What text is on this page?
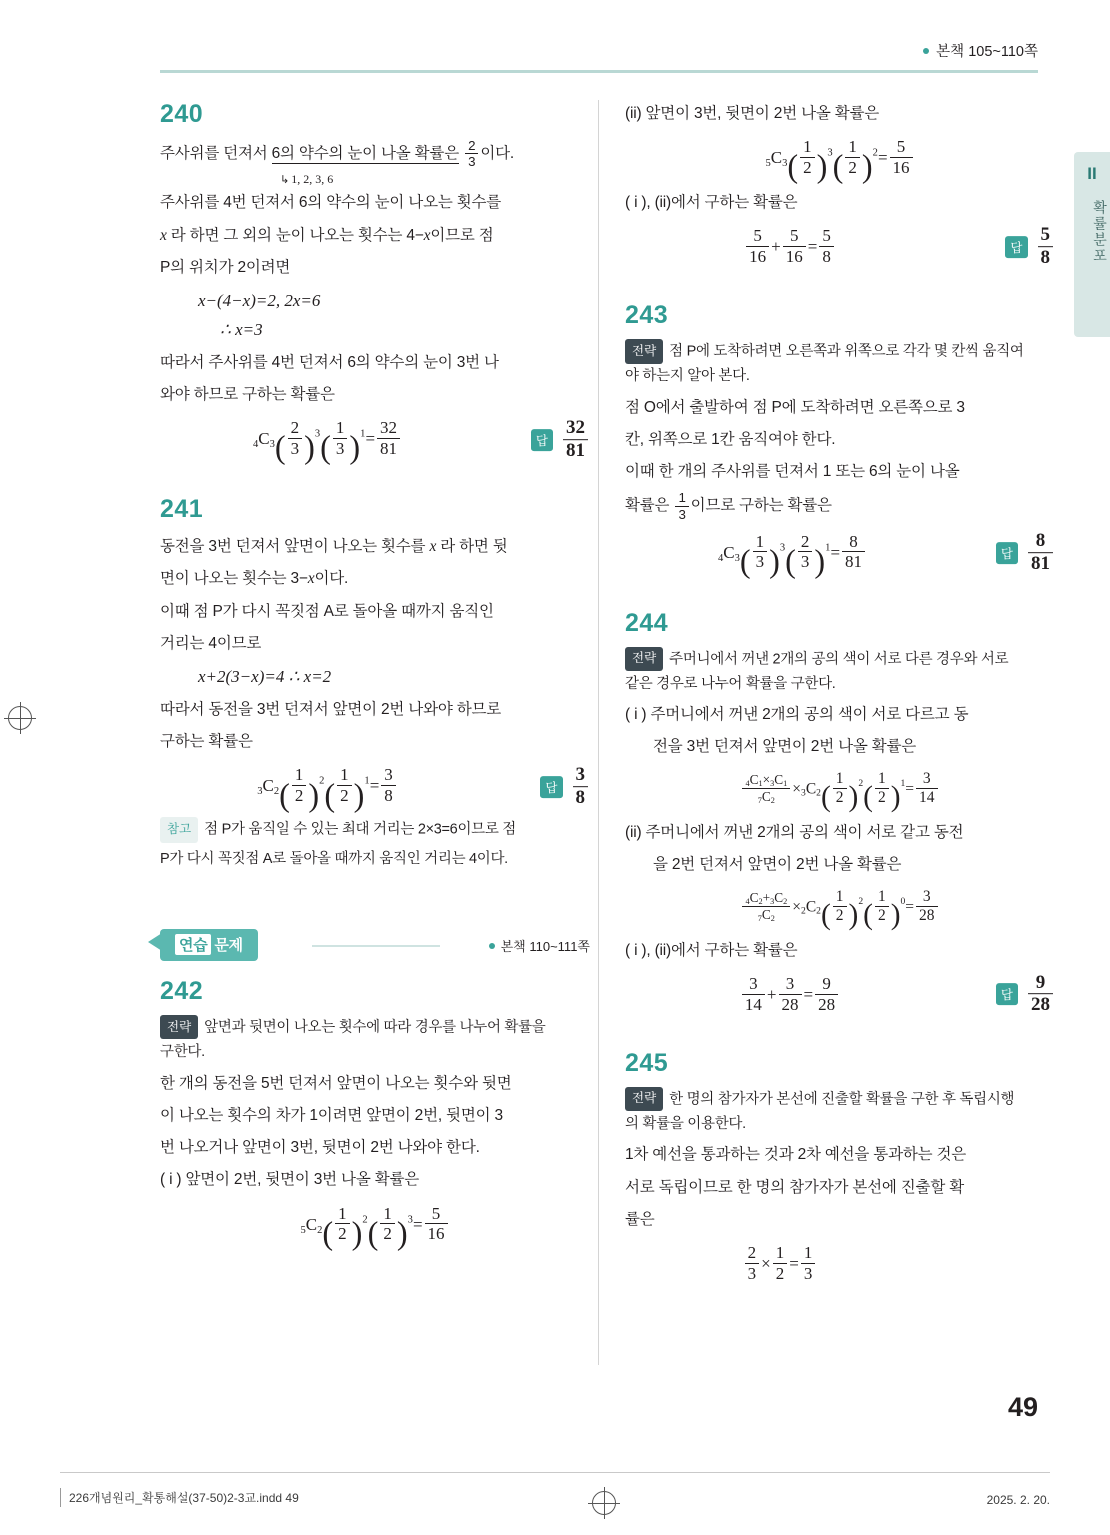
본책 105~110쪽
II
확률분포
240

주사위를 던져서 6의 약수의 눈이 나올 확률은 $\frac{2}{3}$ 이다.

↳ 1, 2, 3, 6

주사위를 4번 던져서 6의 약수의 눈이 나오는 횟수를

x 라 하면 그 외의 눈이 나오는 횟수는 4−x이므로 점

P의 위치가 2이려면

x−(4−x)=2, 2x=6
∴ x=3

따라서 주사위를 4번 던져서 6의 약수의 눈이 3번 나

와야 하므로 구하는 확률은

$_4C_3( \frac{2}{3} )^3( \frac{1}{3} )^1= \frac{32}{81}$	답 $\frac{32}{81}$
241

동전을 3번 던져서 앞면이 나오는 횟수를 x 라 하면 뒷

면이 나오는 횟수는 3−x이다.

이때 점 P가 다시 꼭짓점 A로 돌아올 때까지 움직인

거리는 4이므로

x+2(3−x)=4 ∴ x=2

따라서 동전을 3번 던져서 앞면이 2번 나와야 하므로

구하는 확률은

$_3C_2( \frac{1}{2} )^2( \frac{1}{2} )^1= \frac{3}{8}$	답 $\frac{3}{8}$

참고 점 P가 움직일 수 있는 최대 거리는 2×3=6이므로 점

P가 다시 꼭짓점 A로 돌아올 때까지 움직인 거리는 4이다.

연습 문제	본책 110~111쪽
242

전략 앞면과 뒷면이 나오는 횟수에 따라 경우를 나누어 확률을

구한다.

한 개의 동전을 5번 던져서 앞면이 나오는 횟수와 뒷면

이 나오는 횟수의 차가 1이려면 앞면이 2번, 뒷면이 3

번 나오거나 앞면이 3번, 뒷면이 2번 나와야 한다.

( i ) 앞면이 2번, 뒷면이 3번 나올 확률은

$_5C_2( \frac{1}{2} )^2( \frac{1}{2} )^3= \frac{5}{16}$

(ii) 앞면이 3번, 뒷면이 2번 나올 확률은

$_5C_3( \frac{1}{2} )^3( \frac{1}{2} )^2= \frac{5}{16}$

( i ), (ii)에서 구하는 확률은

$\frac{5}{16} + \frac{5}{16} = \frac{5}{8}$	답 $\frac{5}{8}$
243

전략 점 P에 도착하려면 오른쪽과 위쪽으로 각각 몇 칸씩 움직여

야 하는지 알아 본다.

점 O에서 출발하여 점 P에 도착하려면 오른쪽으로 3

칸, 위쪽으로 1칸 움직여야 한다.

이때 한 개의 주사위를 던져서 1 또는 6의 눈이 나올

확률은 $\frac{1}{3}$ 이므로 구하는 확률은

$_4C_3( \frac{1}{3} )^3( \frac{2}{3} )^1= \frac{8}{81}$	답 $\frac{8}{81}$
244

전략 주머니에서 꺼낸 2개의 공의 색이 서로 다른 경우와 서로

같은 경우로 나누어 확률을 구한다.

( i ) 주머니에서 꺼낸 2개의 공의 색이 서로 다르고 동

전을 3번 던져서 앞면이 2번 나올 확률은

$\frac{_4C_1\times_3C_1}{_7C_2} \times_3C_2( \frac{1}{2} )^2( \frac{1}{2} )^1= \frac{3}{14}$

(ii) 주머니에서 꺼낸 2개의 공의 색이 서로 같고 동전

을 2번 던져서 앞면이 2번 나올 확률은

$\frac{_4C_2+_3C_2}{_7C_2} \times_2C_2( \frac{1}{2} )^2( \frac{1}{2} )^0= \frac{3}{28}$

( i ), (ii)에서 구하는 확률은

$\frac{3}{14} + \frac{3}{28} = \frac{9}{28}$	답 $\frac{9}{28}$
245

전략 한 명의 참가자가 본선에 진출할 확률을 구한 후 독립시행

의 확률을 이용한다.

1차 예선을 통과하는 것과 2차 예선을 통과하는 것은

서로 독립이므로 한 명의 참가자가 본선에 진출할 확

률은

$\frac{2}{3} \times \frac{1}{2} = \frac{1}{3}$
49
226개념원리_확통해설(37-50)2-3교.indd 49	2025. 2. 20.
